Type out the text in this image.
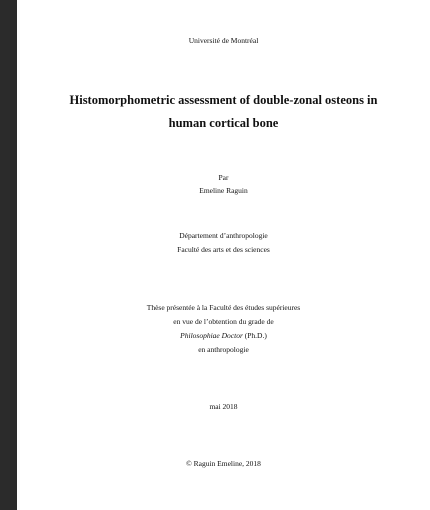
Université de Montréal
Histomorphometric assessment of double-zonal osteons in
human cortical bone
Par
Emeline Raguin
Département d’anthropologie
Faculté des arts et des sciences
Thèse présentée à la Faculté des études supérieures
en vue de l’obtention du grade de
Philosophiae Doctor (Ph.D.)
en anthropologie
mai 2018
© Raguin Emeline, 2018
